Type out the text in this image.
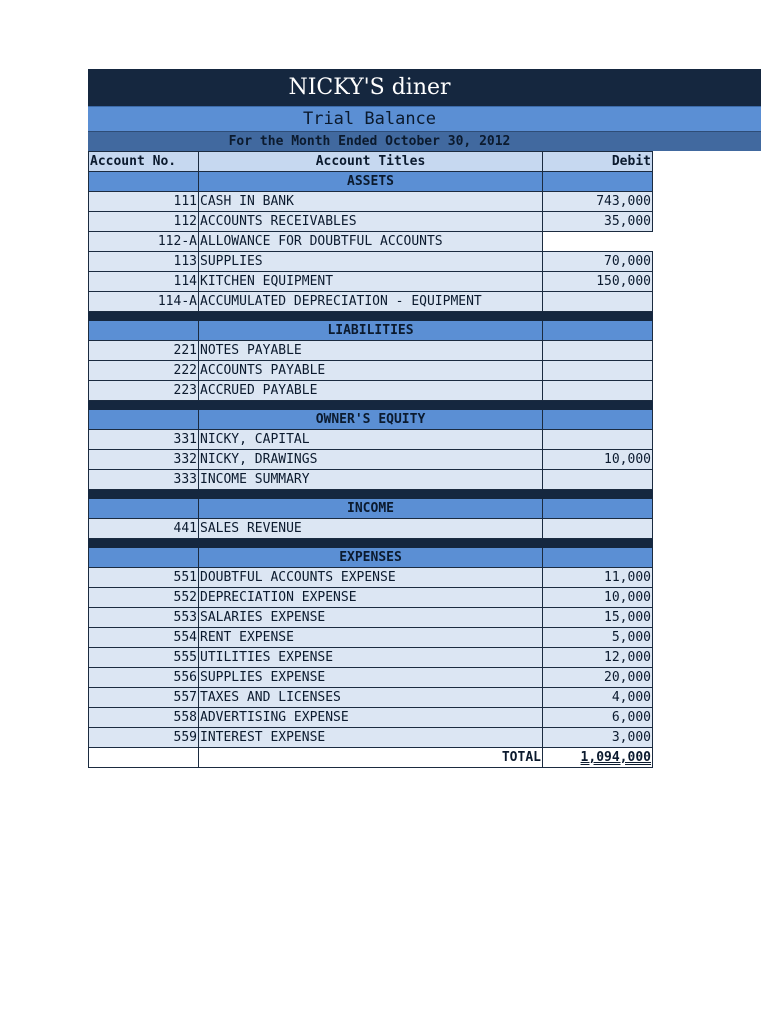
NICKY'S diner
Trial Balance
For the Month Ended October 30, 2012
Account No.	Account Titles	Debit
	ASSETS	
111	CASH IN BANK	743,000
112	ACCOUNTS RECEIVABLES	35,000
112-A	ALLOWANCE FOR DOUBTFUL ACCOUNTS	
113	SUPPLIES	70,000
114	KITCHEN EQUIPMENT	150,000
114-A	ACCUMULATED DEPRECIATION - EQUIPMENT	

	LIABILITIES	
221	NOTES PAYABLE	
222	ACCOUNTS PAYABLE	
223	ACCRUED PAYABLE	

	OWNER'S EQUITY	
331	NICKY, CAPITAL	
332	NICKY, DRAWINGS	10,000
333	INCOME SUMMARY	

	INCOME	
441	SALES REVENUE	

	EXPENSES	
551	DOUBTFUL ACCOUNTS EXPENSE	11,000
552	DEPRECIATION EXPENSE	10,000
553	SALARIES EXPENSE	15,000
554	RENT EXPENSE	5,000
555	UTILITIES EXPENSE	12,000
556	SUPPLIES EXPENSE	20,000
557	TAXES AND LICENSES	4,000
558	ADVERTISING EXPENSE	6,000
559	INTEREST EXPENSE	3,000
	TOTAL	1,094,000
